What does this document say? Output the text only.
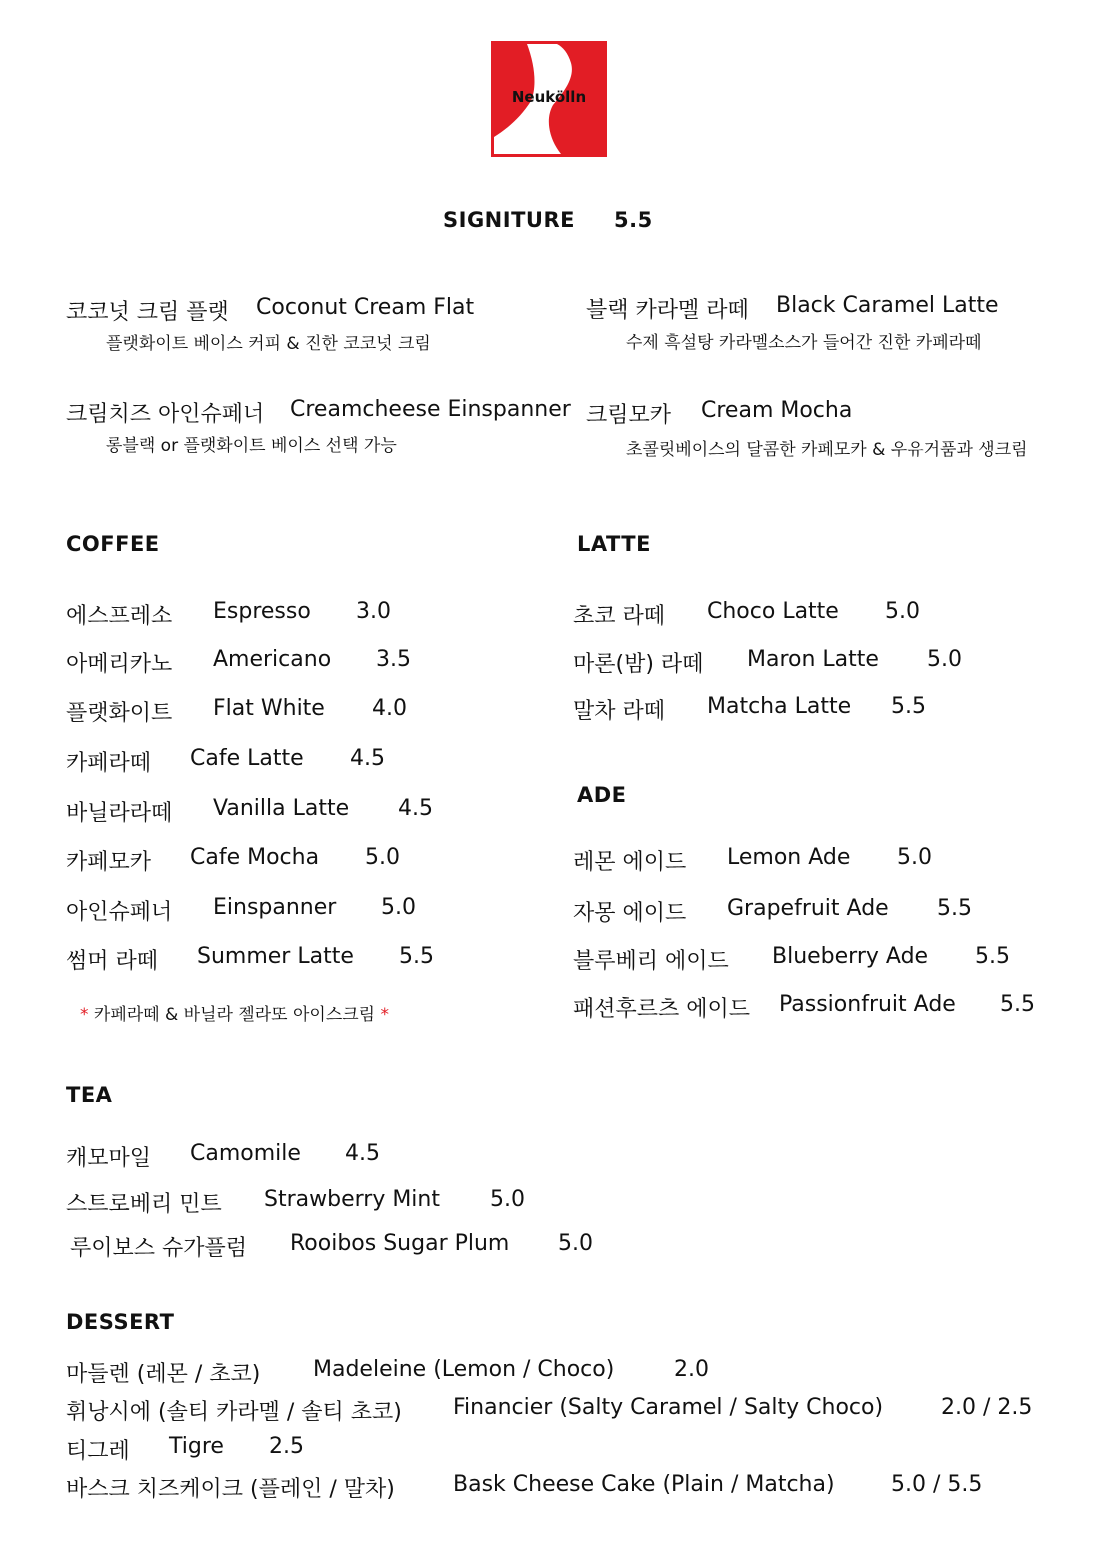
Neukölln
SIGNITURE 5.5
코코넛 크림 플랫 Coconut Cream Flat
플랫화이트 베이스 커피 & 진한 코코넛 크림
블랙 카라멜 라떼 Black Caramel Latte
수제 흑설탕 카라멜소스가 들어간 진한 카페라떼
크림치즈 아인슈페너 Creamcheese Einspanner
롱블랙 or 플랫화이트 베이스 선택 가능
크림모카 Cream Mocha
초콜릿베이스의 달콤한 카페모카 & 우유거품과 생크림
COFFEE
에스프레소 Espresso 3.0
아메리카노 Americano 3.5
플랫화이트 Flat White 4.0
카페라떼 Cafe Latte 4.5
바닐라라떼 Vanilla Latte 4.5
카페모카 Cafe Mocha 5.0
아인슈페너 Einspanner 5.0
썸머 라떼 Summer Latte 5.5
* 카페라떼 & 바닐라 젤라또 아이스크림 *
LATTE
초코 라떼 Choco Latte 5.0
마론(밤) 라떼 Maron Latte 5.0
말차 라떼 Matcha Latte 5.5
ADE
레몬 에이드 Lemon Ade 5.0
자몽 에이드 Grapefruit Ade 5.5
블루베리 에이드 Blueberry Ade 5.5
패션후르츠 에이드 Passionfruit Ade 5.5
TEA
캐모마일 Camomile 4.5
스트로베리 민트 Strawberry Mint 5.0
루이보스 슈가플럼 Rooibos Sugar Plum 5.0
DESSERT
마들렌 (레몬 / 초코) Madeleine (Lemon / Choco)	2.0
휘낭시에 (솔티 카라멜 / 솔티 초코) Financier (Salty Caramel / Salty Choco)	2.0 / 2.5
티그레 Tigre 2.5
바스크 치즈케이크 (플레인 / 말차)	Bask Cheese Cake (Plain / Matcha)	5.0 / 5.5
